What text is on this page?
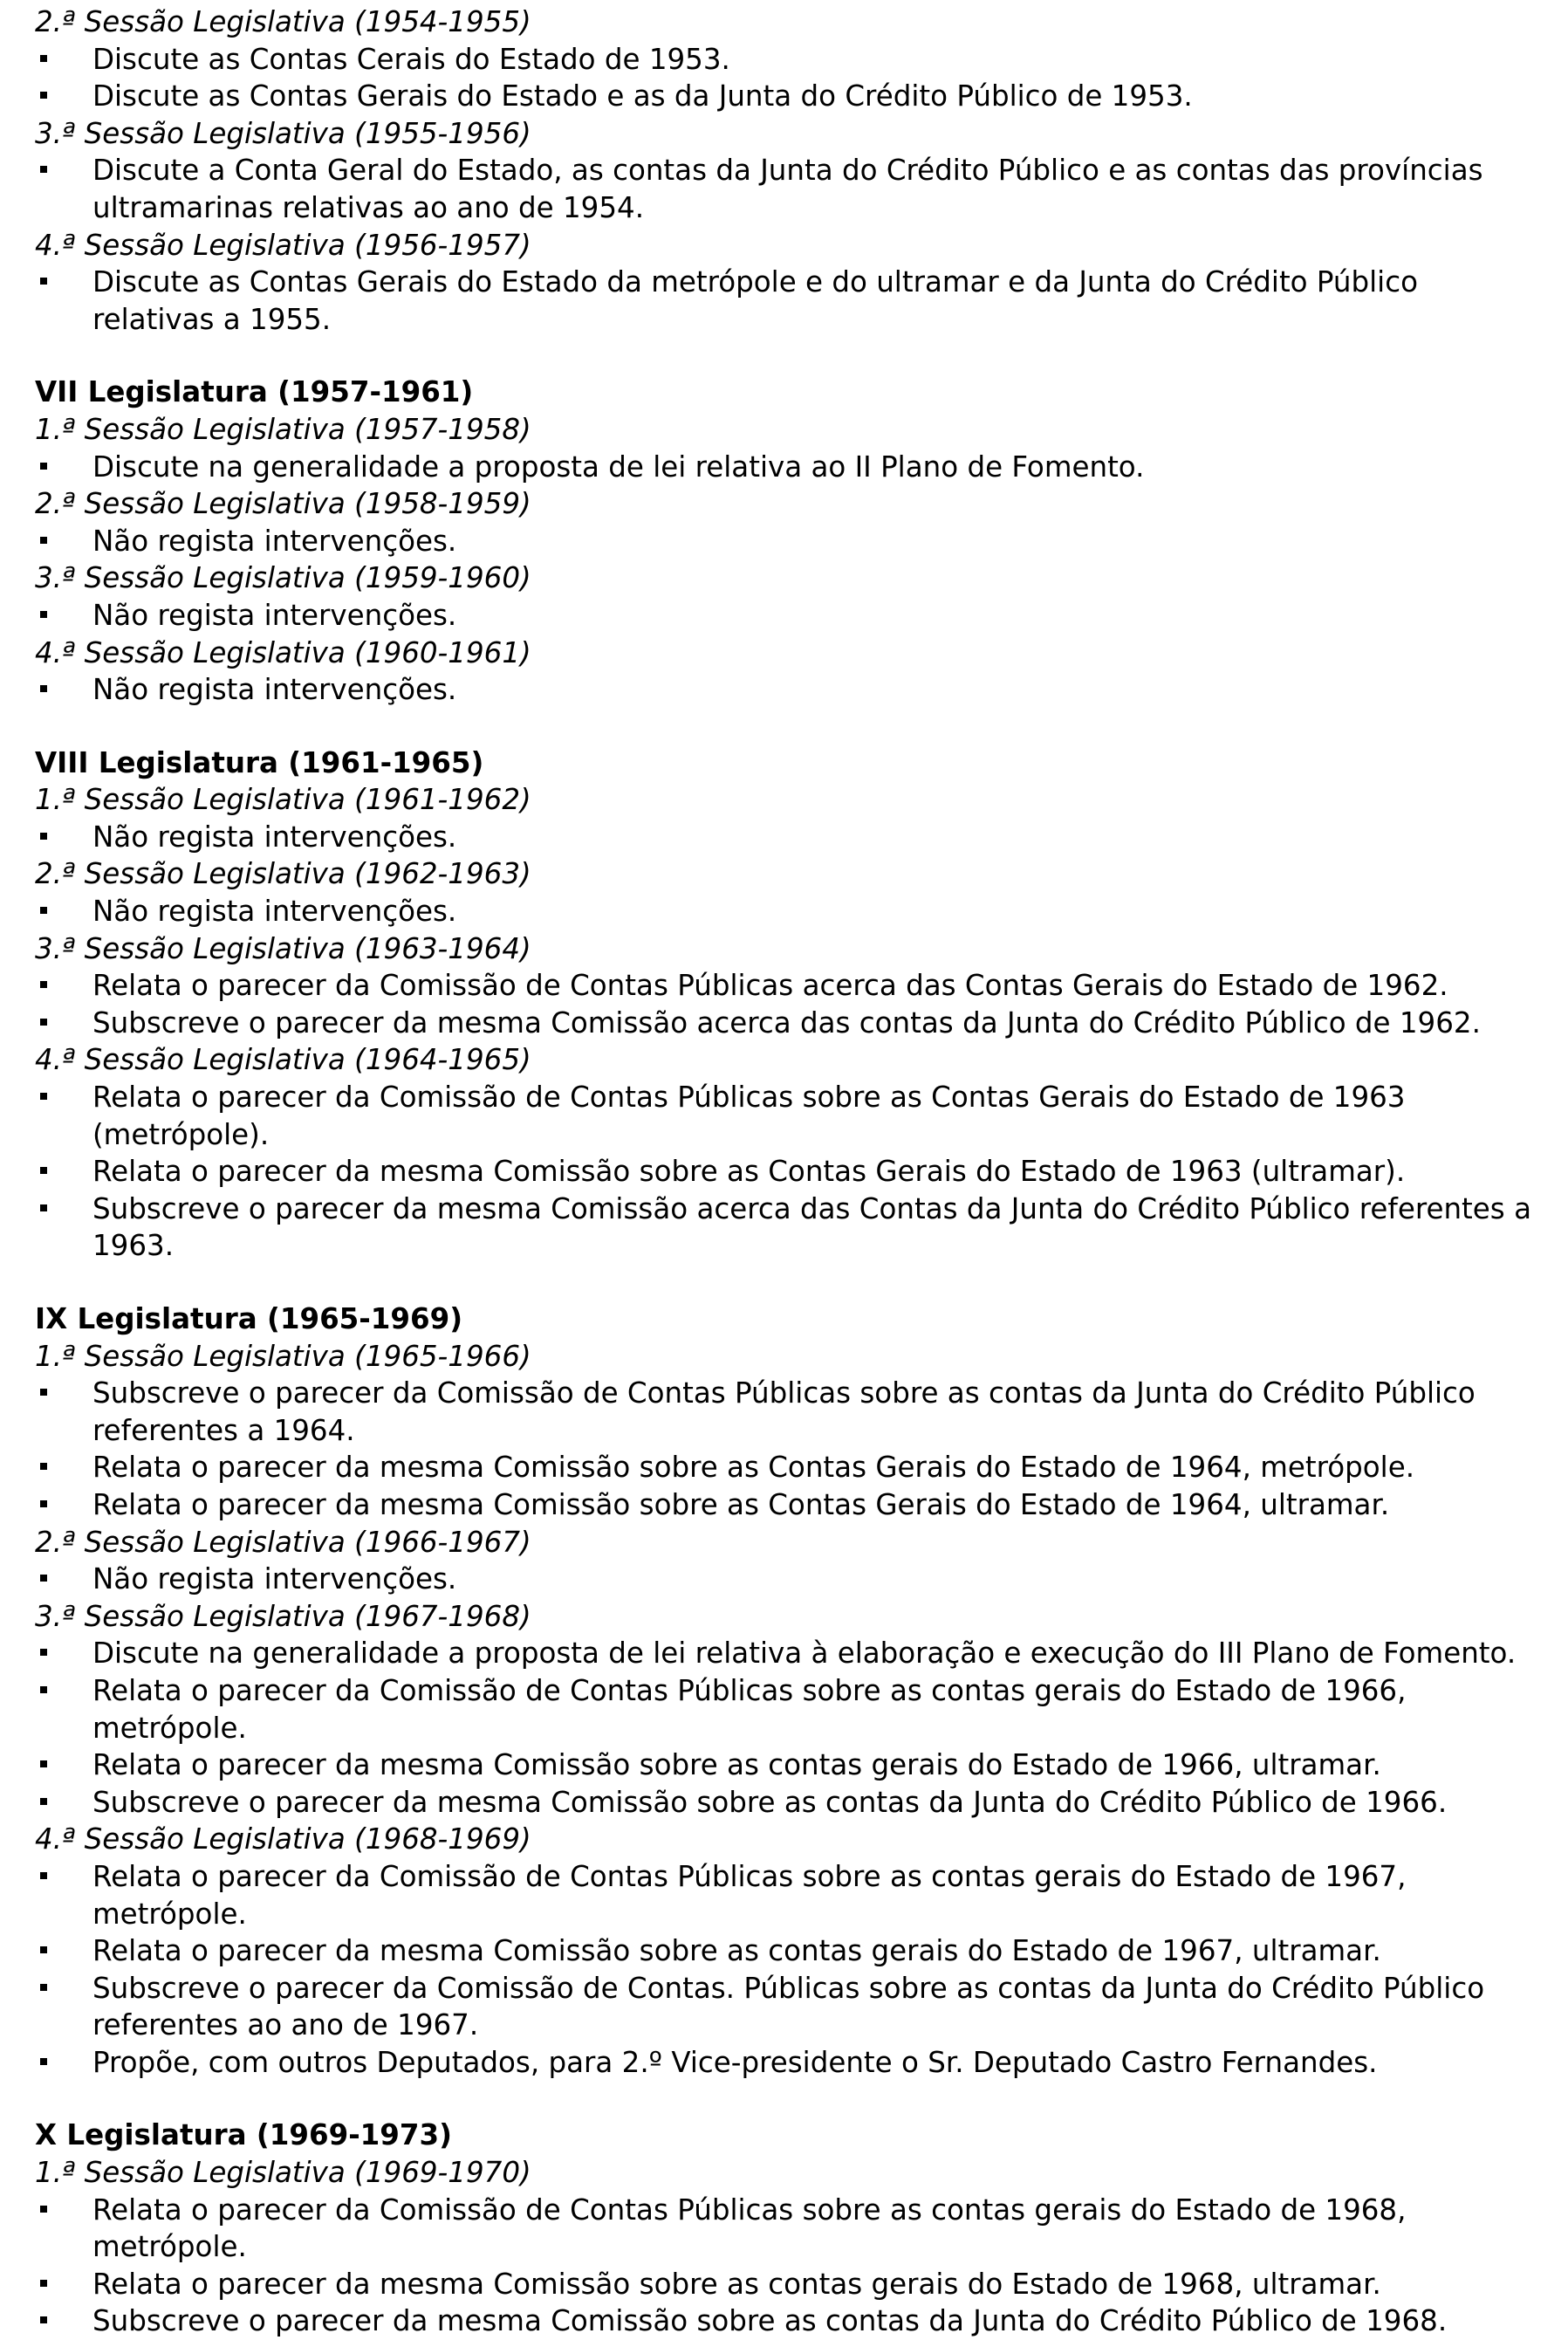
2.ª Sessão Legislativa (1954-1955)
Discute as Contas Cerais do Estado de 1953.
Discute as Contas Gerais do Estado e as da Junta do Crédito Público de 1953.
3.ª Sessão Legislativa (1955-1956)
Discute a Conta Geral do Estado, as contas da Junta do Crédito Público e as contas das províncias ultramarinas relativas ao ano de 1954.
4.ª Sessão Legislativa (1956-1957)
Discute as Contas Gerais do Estado da metrópole e do ultramar e da Junta do Crédito Público relativas a 1955.
VII Legislatura (1957-1961)
1.ª Sessão Legislativa (1957-1958)
Discute na generalidade a proposta de lei relativa ao II Plano de Fomento.
2.ª Sessão Legislativa (1958-1959)
Não regista intervenções.
3.ª Sessão Legislativa (1959-1960)
Não regista intervenções.
4.ª Sessão Legislativa (1960-1961)
Não regista intervenções.
VIII Legislatura (1961-1965)
1.ª Sessão Legislativa (1961-1962)
Não regista intervenções.
2.ª Sessão Legislativa (1962-1963)
Não regista intervenções.
3.ª Sessão Legislativa (1963-1964)
Relata o parecer da Comissão de Contas Públicas acerca das Contas Gerais do Estado de 1962.
Subscreve o parecer da mesma Comissão acerca das contas da Junta do Crédito Público de 1962.
4.ª Sessão Legislativa (1964-1965)
Relata o parecer da Comissão de Contas Públicas sobre as Contas Gerais do Estado de 1963 (metrópole).
Relata o parecer da mesma Comissão sobre as Contas Gerais do Estado de 1963 (ultramar).
Subscreve o parecer da mesma Comissão acerca das Contas da Junta do Crédito Público referentes a 1963.
IX Legislatura (1965-1969)
1.ª Sessão Legislativa (1965-1966)
Subscreve o parecer da Comissão de Contas Públicas sobre as contas da Junta do Crédito Público referentes a 1964.
Relata o parecer da mesma Comissão sobre as Contas Gerais do Estado de 1964, metrópole.
Relata o parecer da mesma Comissão sobre as Contas Gerais do Estado de 1964, ultramar.
2.ª Sessão Legislativa (1966-1967)
Não regista intervenções.
3.ª Sessão Legislativa (1967-1968)
Discute na generalidade a proposta de lei relativa à elaboração e execução do III Plano de Fomento.
Relata o parecer da Comissão de Contas Públicas sobre as contas gerais do Estado de 1966, metrópole.
Relata o parecer da mesma Comissão sobre as contas gerais do Estado de 1966, ultramar.
Subscreve o parecer da mesma Comissão sobre as contas da Junta do Crédito Público de 1966.
4.ª Sessão Legislativa (1968-1969)
Relata o parecer da Comissão de Contas Públicas sobre as contas gerais do Estado de 1967, metrópole.
Relata o parecer da mesma Comissão sobre as contas gerais do Estado de 1967, ultramar.
Subscreve o parecer da Comissão de Contas. Públicas sobre as contas da Junta do Crédito Público referentes ao ano de 1967.
Propõe, com outros Deputados, para 2.º Vice-presidente o Sr. Deputado Castro Fernandes.
X Legislatura (1969-1973)
1.ª Sessão Legislativa (1969-1970)
Relata o parecer da Comissão de Contas Públicas sobre as contas gerais do Estado de 1968, metrópole.
Relata o parecer da mesma Comissão sobre as contas gerais do Estado de 1968, ultramar.
Subscreve o parecer da mesma Comissão sobre as contas da Junta do Crédito Público de 1968.
